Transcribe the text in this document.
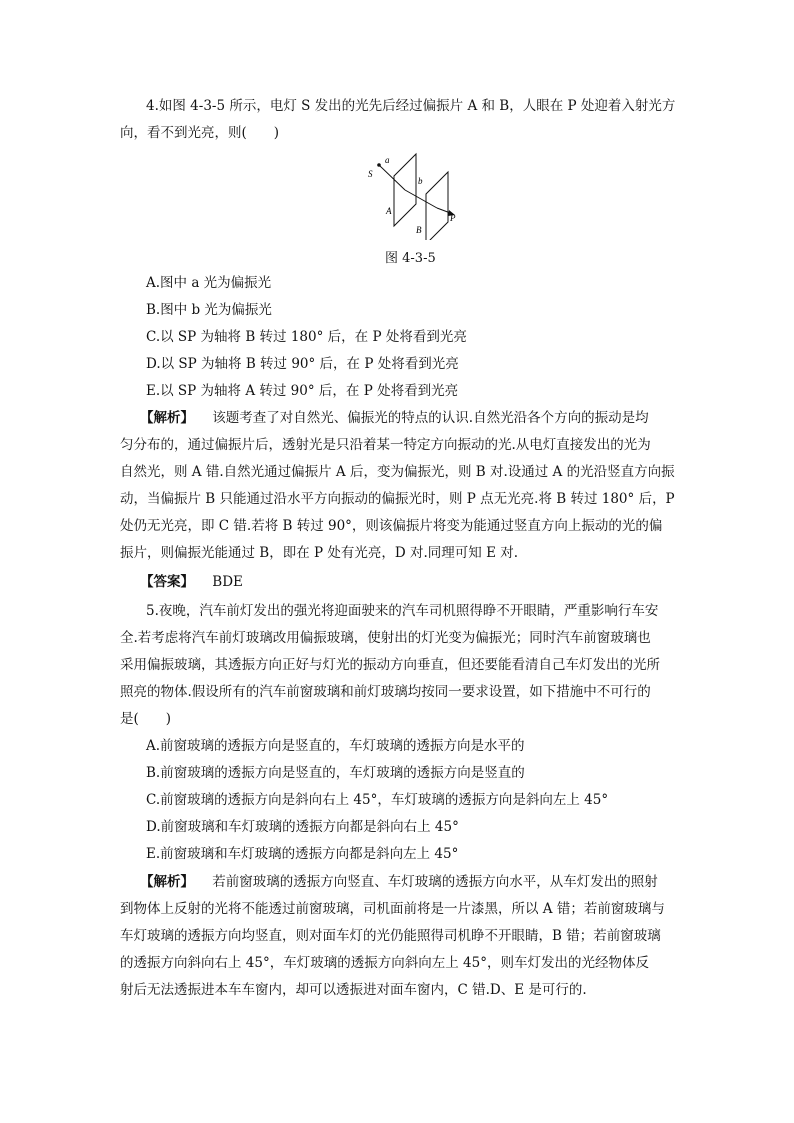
4.如图 4-3-5 所示，电灯 S 发出的光先后经过偏振片 A 和 B，人眼在 P 处迎着入射光方
向，看不到光亮，则(　　)
a
S
b
A
B
P
图 4-3-5
A.图中 a 光为偏振光
B.图中 b 光为偏振光
C.以 SP 为轴将 B 转过 180° 后，在 P 处将看到光亮
D.以 SP 为轴将 B 转过 90° 后，在 P 处将看到光亮
E.以 SP 为轴将 A 转过 90° 后，在 P 处将看到光亮
【解析】 该题考查了对自然光、偏振光的特点的认识.自然光沿各个方向的振动是均
匀分布的，通过偏振片后，透射光是只沿着某一特定方向振动的光.从电灯直接发出的光为
自然光，则 A 错.自然光通过偏振片 A 后，变为偏振光，则 B 对.设通过 A 的光沿竖直方向振
动，当偏振片 B 只能通过沿水平方向振动的偏振光时，则 P 点无光亮.将 B 转过 180° 后，P
处仍无光亮，即 C 错.若将 B 转过 90°，则该偏振片将变为能通过竖直方向上振动的光的偏
振片，则偏振光能通过 B，即在 P 处有光亮，D 对.同理可知 E 对.
【答案】 BDE
5.夜晚，汽车前灯发出的强光将迎面驶来的汽车司机照得睁不开眼睛，严重影响行车安
全.若考虑将汽车前灯玻璃改用偏振玻璃，使射出的灯光变为偏振光；同时汽车前窗玻璃也
采用偏振玻璃，其透振方向正好与灯光的振动方向垂直，但还要能看清自己车灯发出的光所
照亮的物体.假设所有的汽车前窗玻璃和前灯玻璃均按同一要求设置，如下措施中不可行的
是(　　)
A.前窗玻璃的透振方向是竖直的，车灯玻璃的透振方向是水平的
B.前窗玻璃的透振方向是竖直的，车灯玻璃的透振方向是竖直的
C.前窗玻璃的透振方向是斜向右上 45°，车灯玻璃的透振方向是斜向左上 45°
D.前窗玻璃和车灯玻璃的透振方向都是斜向右上 45°
E.前窗玻璃和车灯玻璃的透振方向都是斜向左上 45°
【解析】 若前窗玻璃的透振方向竖直、车灯玻璃的透振方向水平，从车灯发出的照射
到物体上反射的光将不能透过前窗玻璃，司机面前将是一片漆黑，所以 A 错；若前窗玻璃与
车灯玻璃的透振方向均竖直，则对面车灯的光仍能照得司机睁不开眼睛，B 错；若前窗玻璃
的透振方向斜向右上 45°，车灯玻璃的透振方向斜向左上 45°，则车灯发出的光经物体反
射后无法透振进本车车窗内，却可以透振进对面车窗内，C 错.D、E 是可行的.
